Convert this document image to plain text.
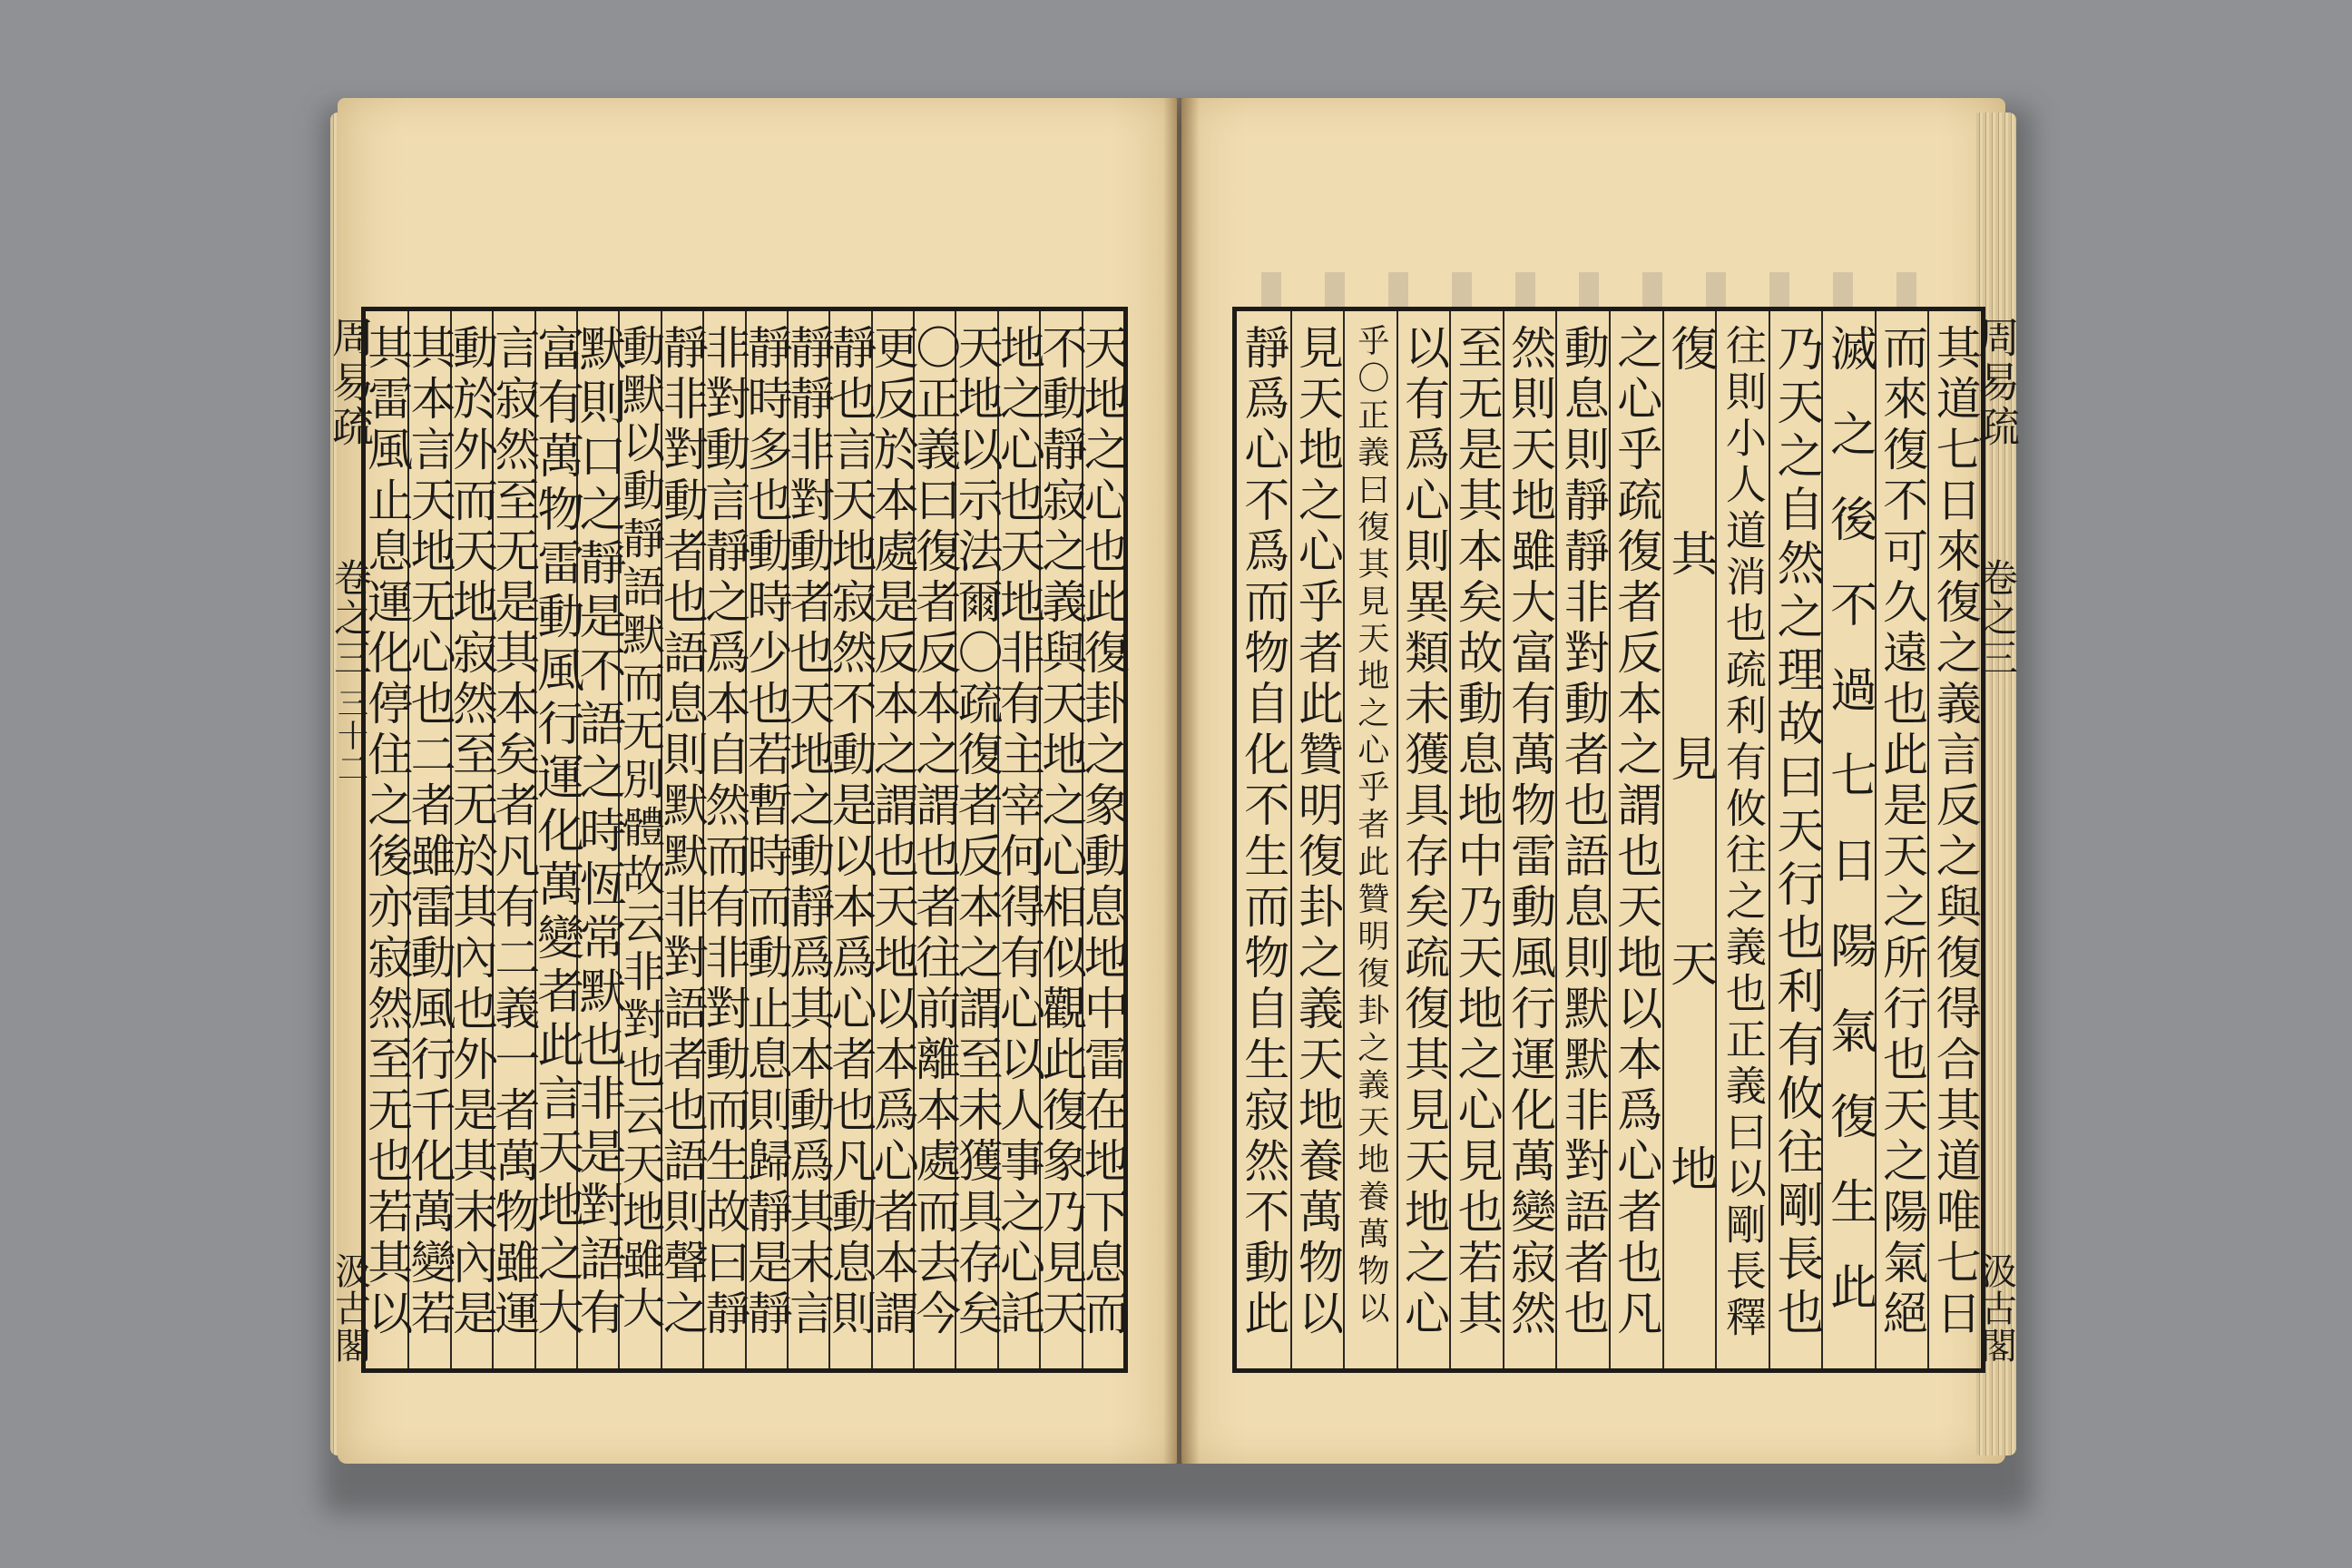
周易疏
卷之三
三十二
汲古閣	天地之心也此復卦之象動息地中雷在地下息而
不動靜寂之義與天地之心相似觀此復象乃見天
地之心也天地非有主宰何得有心以人事之心託
天地以示法爾〇疏復者反本之謂至未獲具存矣
〇正義曰復者反本之謂也者往前離本處而去今
更反於本處是反本之謂也天地以本爲心者本謂
靜也言天地寂然不動是以本爲心者也凡動息則
靜靜非對動者也天地之動靜爲其本動爲其末言
靜時多也動時少也若暫時而動止息則歸靜是靜
非對動言靜之爲本自然而有非對動而生故曰靜
靜非對動者也語息則默默非對語者也語則聲之
動默以動靜語默而无別體故云非對也云天地雖大
默則口之靜是不語之時恆常默也非是對語有
富有萬物雷動風行運化萬變者此言天地之大
言寂然至无是其本矣者凡有二義一者萬物雖運
動於外而天地寂然至无於其內也外是其末內是
其本言天地无心也二者雖雷動風行千化萬變若
其雷風止息運化停住之後亦寂然至无也若其以	其道七日來復之義言反之與復得合其道唯七日
而來復不可久遠也此是天之所行也天之陽氣絕
滅之後不過七日陽氣復生此
乃天之自然之理故曰天行也利有攸往剛長也
往則小人道消也疏利有攸往之義也正義曰以剛長釋
復其見天地
之心乎疏復者反本之謂也天地以本爲心者也凡
動息則靜靜非對動者也語息則默默非對語者也
然則天地雖大富有萬物雷動風行運化萬變寂然
至无是其本矣故動息地中乃天地之心見也若其
以有爲心則異類未獲具存矣疏復其見天地之心
乎〇正義曰復其見天地之心乎者此贊明復卦之義天地養萬物以
見天地之心乎者此贊明復卦之義天地養萬物以
靜爲心不爲而物自化不生而物自生寂然不動此	周易疏
卷之三
汲古閣
